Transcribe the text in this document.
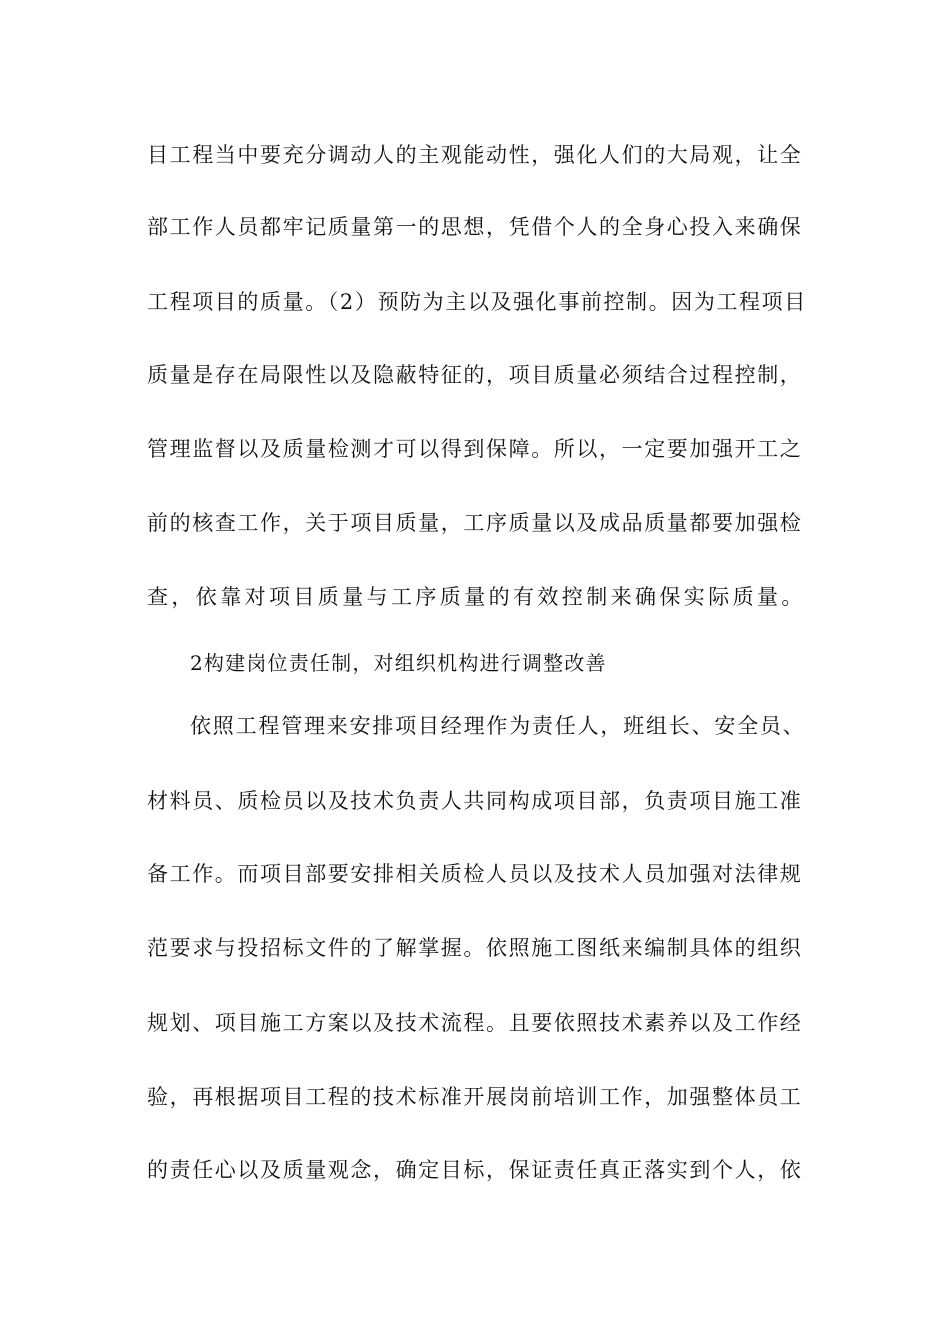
目工程当中要充分调动人的主观能动性，强化人们的大局观，让全
部工作人员都牢记质量第一的思想，凭借个人的全身心投入来确保
工程项目的质量。（2）预防为主以及强化事前控制。因为工程项目
质量是存在局限性以及隐蔽特征的，项目质量必须结合过程控制，
管理监督以及质量检测才可以得到保障。所以，一定要加强开工之
前的核查工作，关于项目质量，工序质量以及成品质量都要加强检
查，依靠对项目质量与工序质量的有效控制来确保实际质量。
2构建岗位责任制，对组织机构进行调整改善
依照工程管理来安排项目经理作为责任人，班组长、安全员、
材料员、质检员以及技术负责人共同构成项目部，负责项目施工准
备工作。而项目部要安排相关质检人员以及技术人员加强对法律规
范要求与投招标文件的了解掌握。依照施工图纸来编制具体的组织
规划、项目施工方案以及技术流程。且要依照技术素养以及工作经
验，再根据项目工程的技术标准开展岗前培训工作，加强整体员工
的责任心以及质量观念，确定目标，保证责任真正落实到个人，依
